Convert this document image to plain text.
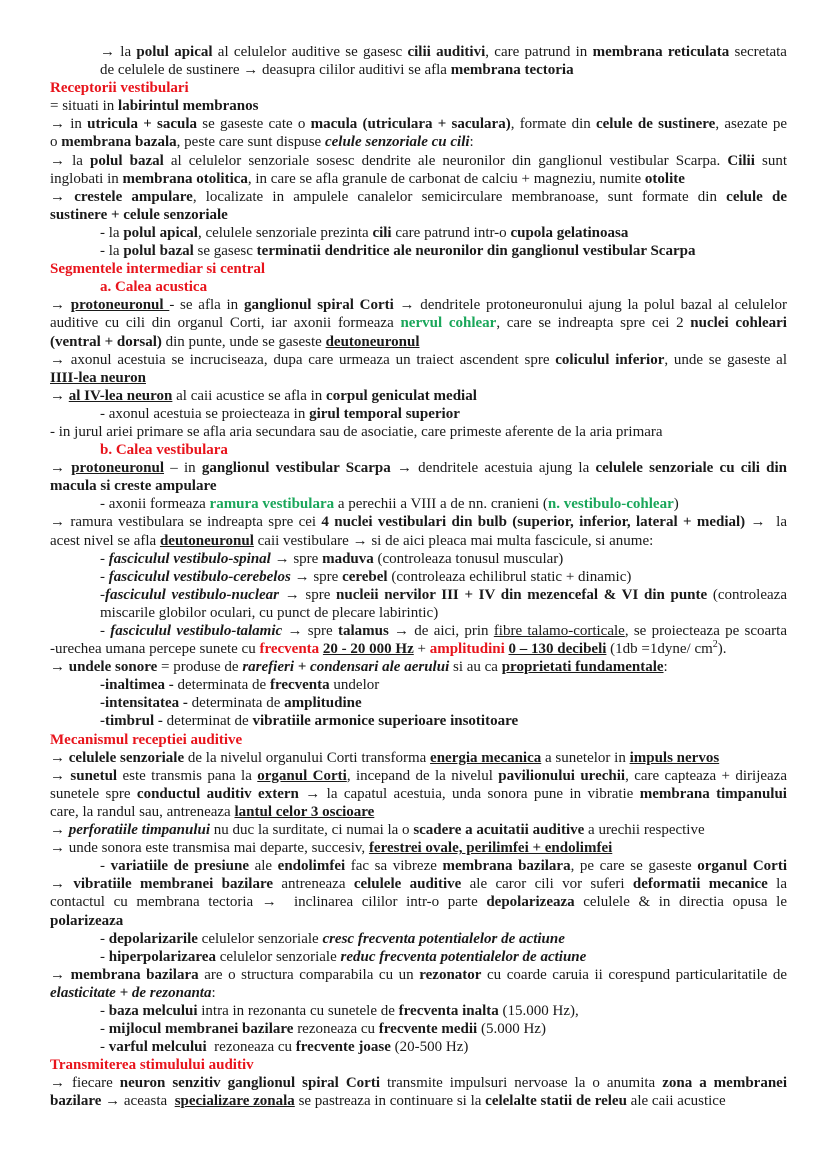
→ la polul apical al celulelor auditive se gasesc cilii auditivi, care patrund in membrana reticulata secretata
de celulele de sustinere → deasupra cililor auditivi se afla membrana tectoria
Receptorii vestibulari
= situati in labirintul membranos
→ in utricula + sacula se gaseste cate o macula (utriculara + saculara), formate din celule de sustinere, asezate pe
o membrana bazala, peste care sunt dispuse celule senzoriale cu cili:
→ la polul bazal al celulelor senzoriale sosesc dendrite ale neuronilor din ganglionul vestibular Scarpa. Cilii sunt
inglobati in membrana otolitica, in care se afla granule de carbonat de calciu + magneziu, numite otolite
→ crestele ampulare, localizate in ampulele canalelor semicirculare membranoase, sunt formate din celule de
sustinere + celule senzoriale
- la polul apical, celulele senzoriale prezinta cili care patrund intr-o cupola gelatinoasa
- la polul bazal se gasesc terminatii dendritice ale neuronilor din ganglionul vestibular Scarpa
Segmentele intermediar si central
a. Calea acustica
→ protoneuronul - se afla in ganglionul spiral Corti → dendritele protoneuronului ajung la polul bazal al celulelor
auditive cu cili din organul Corti, iar axonii formeaza nervul cohlear, care se indreapta spre cei 2 nuclei cohleari
(ventral + dorsal) din punte, unde se gaseste deutoneuronul
→ axonul acestuia se incruciseaza, dupa care urmeaza un traiect ascendent spre coliculul inferior, unde se gaseste al
IIII-lea neuron
→ al IV-lea neuron al caii acustice se afla in corpul geniculat medial
- axonul acestuia se proiecteaza in girul temporal superior
- in jurul ariei primare se afla aria secundara sau de asociatie, care primeste aferente de la aria primara
b. Calea vestibulara
→ protoneuronul – in ganglionul vestibular Scarpa → dendritele acestuia ajung la celulele senzoriale cu cili din
macula si creste ampulare
- axonii formeaza ramura vestibulara a perechii a VIII a de nn. cranieni (n. vestibulo-cohlear)
→ ramura vestibulara se indreapta spre cei 4 nuclei vestibulari din bulb (superior, inferior, lateral + medial) →  la
acest nivel se afla deutoneuronul caii vestibulare → si de aici pleaca mai multa fascicule, si anume:
- fasciculul vestibulo-spinal → spre maduva (controleaza tonusul muscular)
- fasciculul vestibulo-cerebelos → spre cerebel (controleaza echilibrul static + dinamic)
-fasciculul vestibulo-nuclear → spre nucleii nervilor III + IV din mezencefal & VI din punte (controleaza
miscarile globilor oculari, cu punct de plecare labirintic)
- fasciculul vestibulo-talamic → spre talamus → de aici, prin fibre talamo-corticale, se proiecteaza pe scoarta
-urechea umana percepe sunete cu frecventa 20 - 20 000 Hz + amplitudini 0 – 130 decibeli (1db =1dyne/ $cm^2$).
→ undele sonore = produse de rarefieri + condensari ale aerului si au ca proprietati fundamentale:
-inaltimea - determinata de frecventa undelor
-intensitatea - determinata de amplitudine
-timbrul - determinat de vibratiile armonice superioare insotitoare
Mecanismul receptiei auditive
→ celulele senzoriale de la nivelul organului Corti transforma energia mecanica a sunetelor in impuls nervos
→ sunetul este transmis pana la organul Corti, incepand de la nivelul pavilionului urechii, care capteaza + dirijeaza
sunetele spre conductul auditiv extern → la capatul acestuia, unda sonora pune in vibratie membrana timpanului
care, la randul sau, antreneaza lantul celor 3 oscioare
→ perforatiile timpanului nu duc la surditate, ci numai la o scadere a acuitatii auditive a urechii respective
→ unde sonora este transmisa mai departe, succesiv, ferestrei ovale, perilimfei + endolimfei
- variatiile de presiune ale endolimfei fac sa vibreze membrana bazilara, pe care se gaseste organul Corti
→ vibratiile membranei bazilare antreneaza celulele auditive ale caror cili vor suferi deformatii mecanice la
contactul cu membrana tectoria →  inclinarea cililor intr-o parte depolarizeaza celulele & in directia opusa le
polarizeaza
- depolarizarile celulelor senzoriale cresc frecventa potentialelor de actiune
- hiperpolarizarea celulelor senzoriale reduc frecventa potentialelor de actiune
→ membrana bazilara are o structura comparabila cu un rezonator cu coarde caruia ii corespund particularitatile de
elasticitate + de rezonanta:
- baza melcului intra in rezonanta cu sunetele de frecventa inalta (15.000 Hz),
- mijlocul membranei bazilare rezoneaza cu frecvente medii (5.000 Hz)
- varful melcului  rezoneaza cu frecvente joase (20-500 Hz)
Transmiterea stimulului auditiv
→ fiecare neuron senzitiv ganglionul spiral Corti transmite impulsuri nervoase la o anumita zona a membranei
bazilare → aceasta  specializare zonala se pastreaza in continuare si la celelalte statii de releu ale caii acustice
